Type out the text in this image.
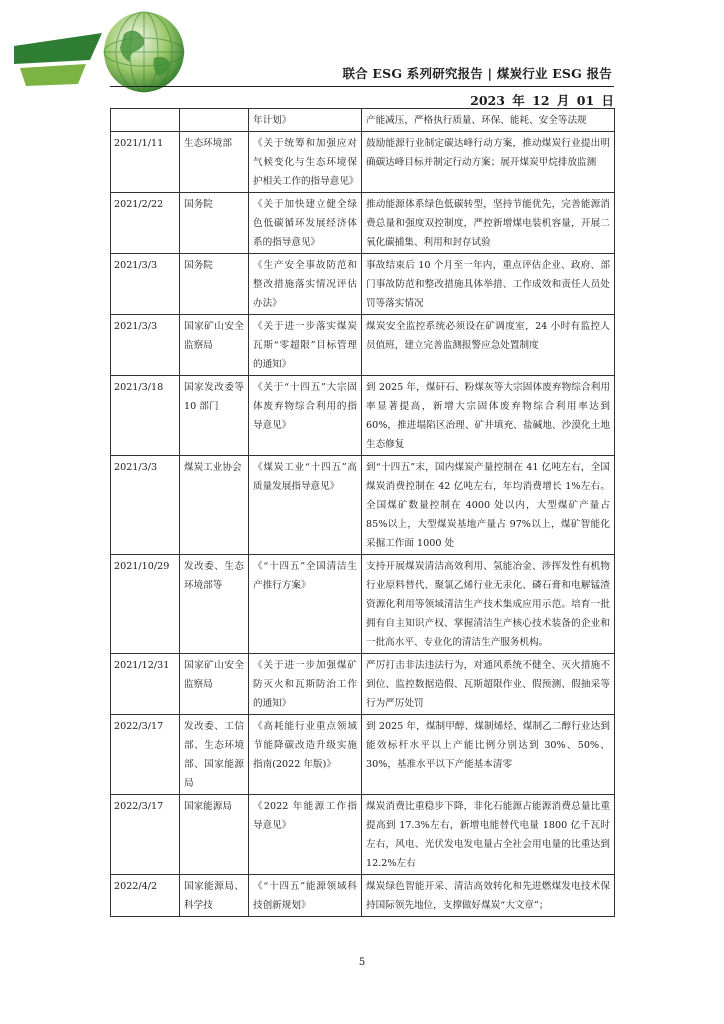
联合 ESG 系列研究报告 | 煤炭行业 ESG 报告
2023 年 12 月 01 日
		年计划》	产能减压，严格执行质量、环保、能耗、安全等法规
2021/1/11	生态环境部	《关于统筹和加强应对气候变化与生态环境保护相关工作的指导意见》	鼓励能源行业制定碳达峰行动方案，推动煤炭行业提出明确碳达峰目标并制定行动方案；展开煤炭甲烷排放监测
2021/2/22	国务院	《关于加快建立健全绿色低碳循环发展经济体系的指导意见》	推动能源体系绿色低碳转型，坚持节能优先，完善能源消费总量和强度双控制度，严控新增煤电装机容量，开展二氧化碳捕集、利用和封存试验
2021/3/3	国务院	《生产安全事故防范和整改措施落实情况评估办法》	事故结束后 10 个月至一年内，重点评估企业、政府、部门事故防范和整改措施具体举措、工作成效和责任人员处罚等落实情况
2021/3/3	国家矿山安全监察局	《关于进一步落实煤炭瓦斯“零超限”目标管理的通知》	煤炭安全监控系统必须设在矿调度室，24 小时有监控人员值班，建立完善监测报警应急处置制度
2021/3/18	国家发改委等 10 部门	《关于“十四五”大宗固体废弃物综合利用的指导意见》	到 2025 年，煤矸石、粉煤灰等大宗固体废弃物综合利用率显著提高，新增大宗固体废弃物综合利用率达到 60%，推进塌陷区治理、矿井填充、盐碱地、沙漠化土地生态修复
2021/3/3	煤炭工业协会	《煤炭工业“十四五”高质量发展指导意见》	到“十四五”末，国内煤炭产量控制在 41 亿吨左右，全国煤炭消费控制在 42 亿吨左右，年均消费增长 1%左右。全国煤矿数量控制在 4000 处以内，大型煤矿产量占 85%以上，大型煤炭基地产量占 97%以上，煤矿智能化采掘工作面 1000 处
2021/10/29	发改委、生态环境部等	《“十四五”全国清洁生产推行方案》	支持开展煤炭清洁高效利用、氢能冶金、涉挥发性有机物行业原料替代、聚氯乙烯行业无汞化、磷石膏和电解锰渣资源化利用等领域清洁生产技术集成应用示范。培育一批拥有自主知识产权、掌握清洁生产核心技术装备的企业和一批高水平、专业化的清洁生产服务机构。
2021/12/31	国家矿山安全监察局	《关于进一步加强煤矿防灭火和瓦斯防治工作的通知》	严厉打击非法违法行为，对通风系统不健全、灭火措施不到位、监控数据造假、瓦斯超限作业、假预测、假抽采等行为严厉处罚
2022/3/17	发改委、工信部、生态环境部、国家能源局	《高耗能行业重点领域节能降碳改造升级实施指南(2022 年版)》	到 2025 年，煤制甲醇、煤制烯烃、煤制乙二醇行业达到能效标杆水平以上产能比例分别达到 30%、50%、30%，基准水平以下产能基本清零
2022/3/17	国家能源局	《2022 年能源工作指导意见》	煤炭消费比重稳步下降，非化石能源占能源消费总量比重提高到 17.3%左右，新增电能替代电量 1800 亿千瓦时左右，风电、光伏发电发电量占全社会用电量的比重达到 12.2%左右
2022/4/2	国家能源局、科学技	《“十四五”能源领域科技创新规划》	煤炭绿色智能开采、清洁高效转化和先进燃煤发电技术保持国际领先地位，支撑做好煤炭“大文章”；
5
